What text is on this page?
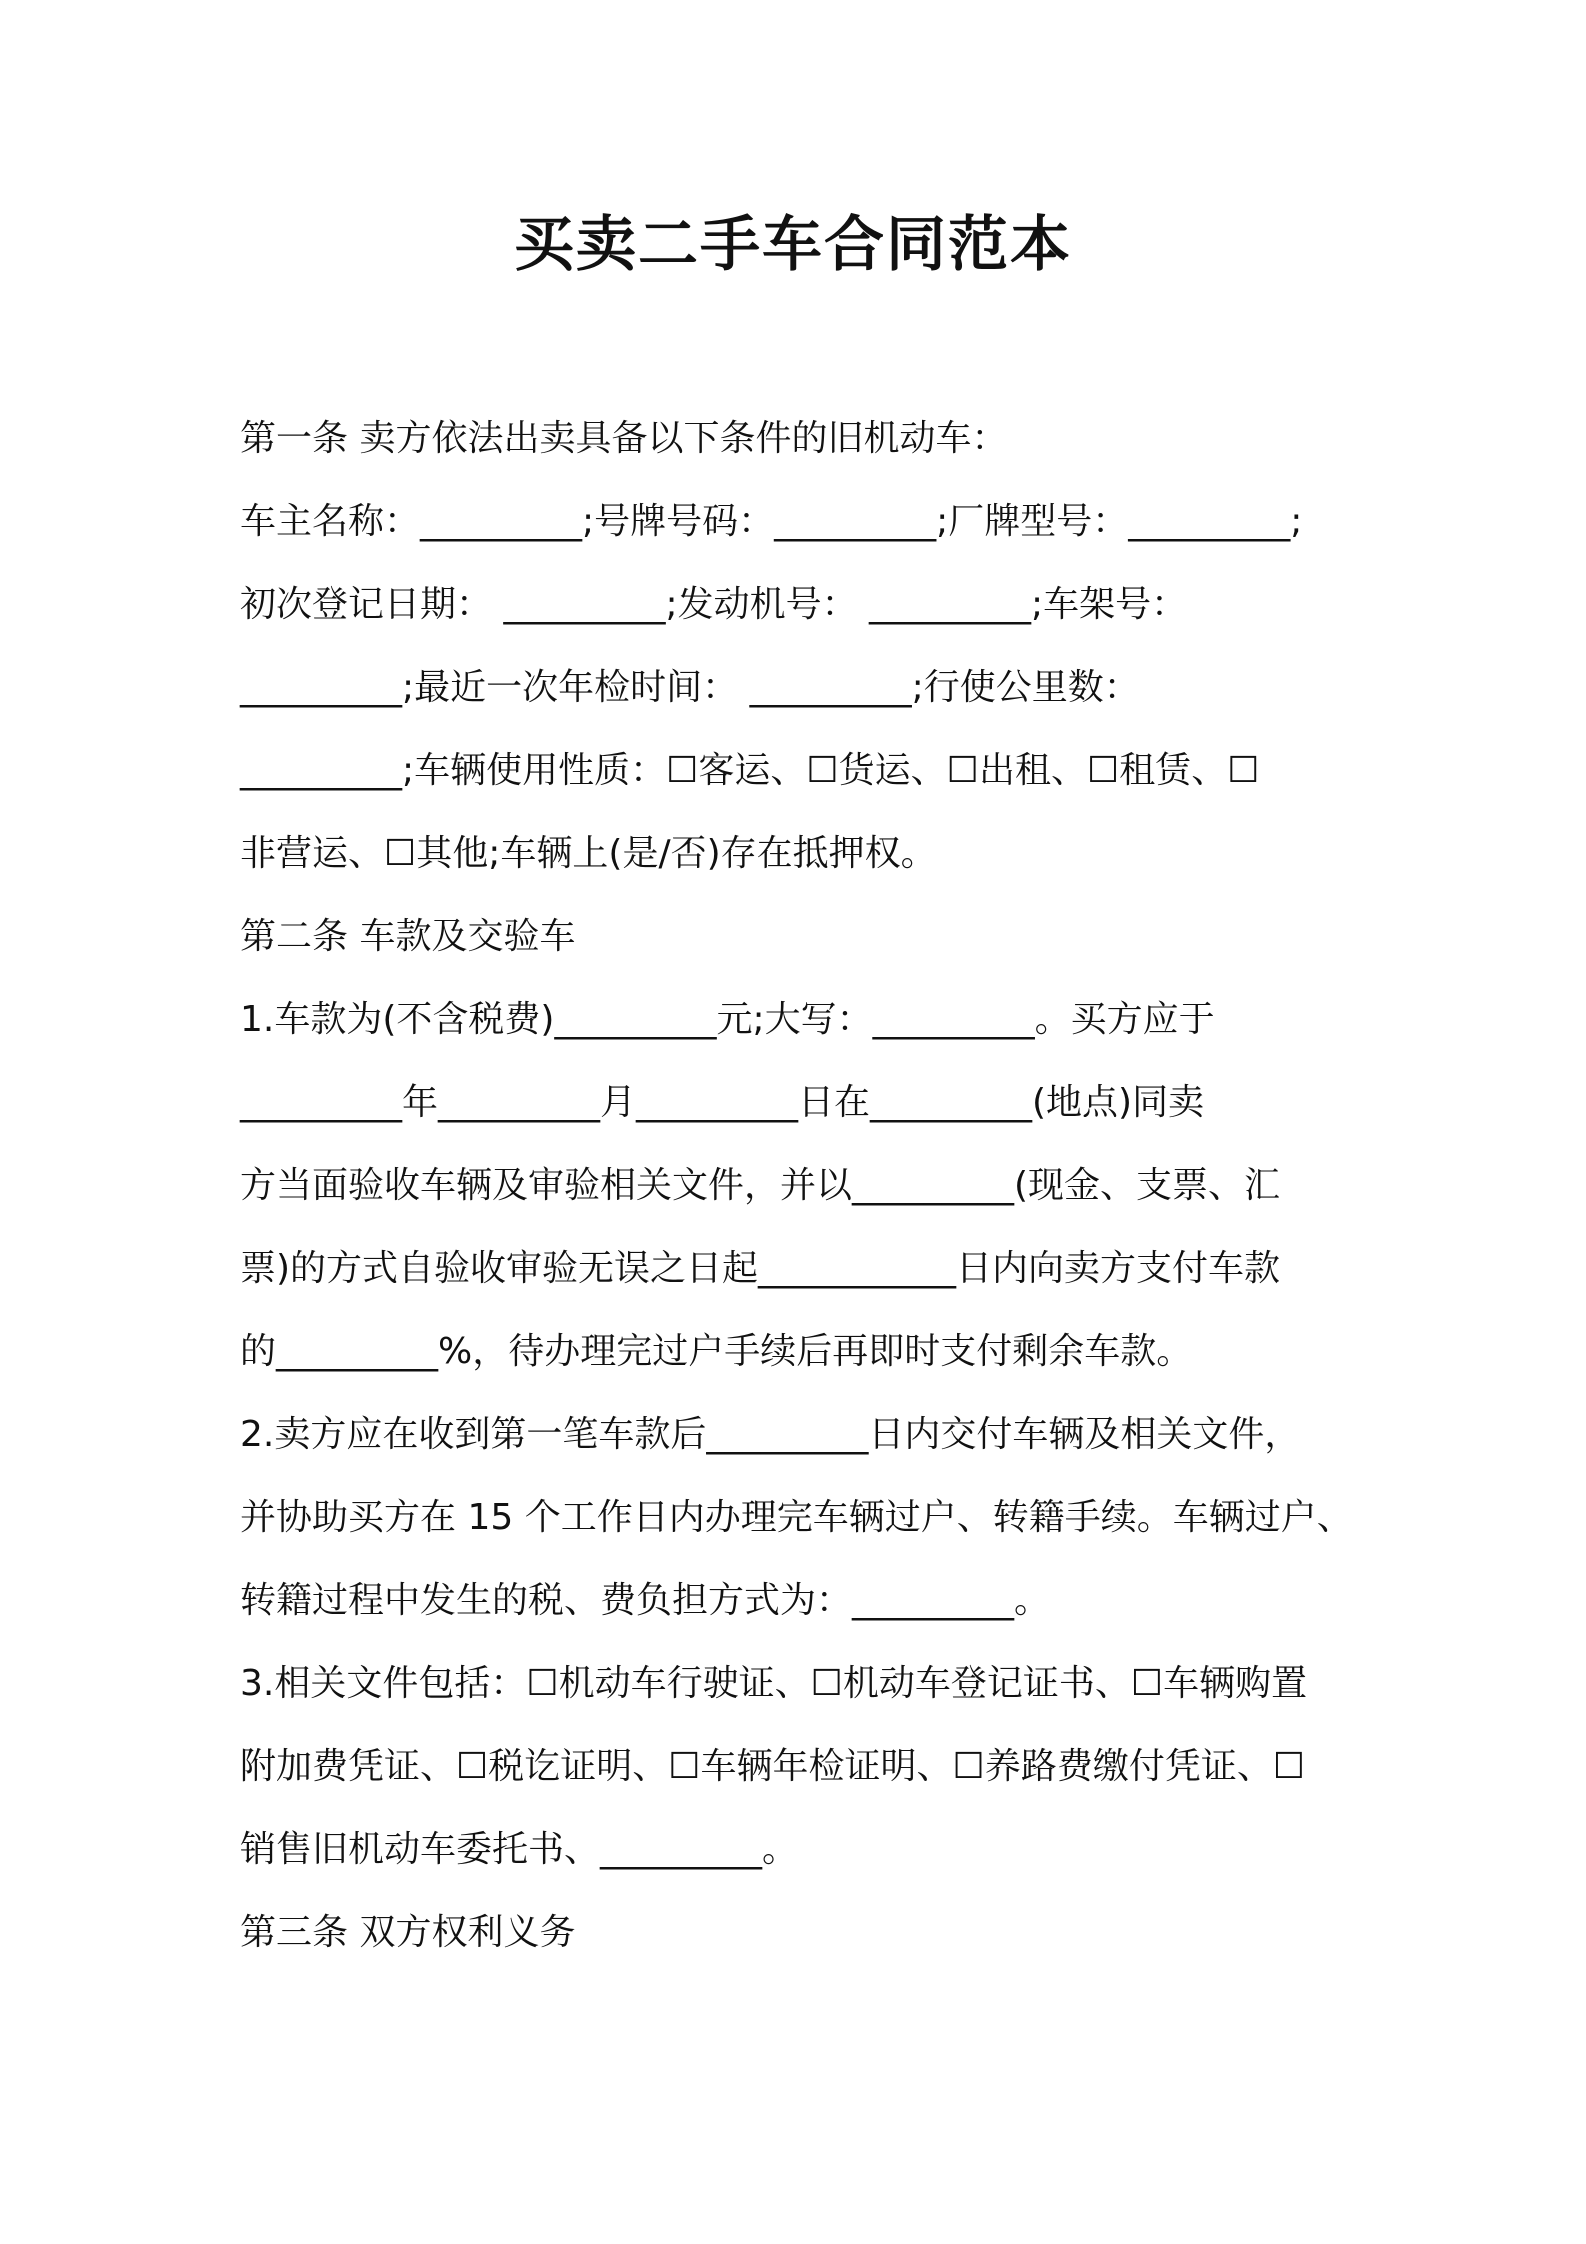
买卖二手车合同范本
第一条 卖方依法出卖具备以下条件的旧机动车：
车主名称：_________;号牌号码：_________;厂牌型号：_________;
初次登记日期： _________;发动机号： _________;车架号：
_________;最近一次年检时间： _________;行使公里数：
_________;车辆使用性质：☐客运、☐货运、☐出租、☐租赁、☐
非营运、☐其他;车辆上(是/否)存在抵押权。
第二条 车款及交验车
1.车款为(不含税费)_________元;大写：_________。买方应于
_________年_________月_________日在_________(地点)同卖
方当面验收车辆及审验相关文件，并以_________(现金、支票、汇
票)的方式自验收审验无误之日起___________日内向卖方支付车款
的_________%，待办理完过户手续后再即时支付剩余车款。
2.卖方应在收到第一笔车款后_________日内交付车辆及相关文件，
并协助买方在 15 个工作日内办理完车辆过户、转籍手续。车辆过户、
转籍过程中发生的税、费负担方式为：_________。
3.相关文件包括：☐机动车行驶证、☐机动车登记证书、☐车辆购置
附加费凭证、☐税讫证明、☐车辆年检证明、☐养路费缴付凭证、☐
销售旧机动车委托书、_________。
第三条 双方权利义务
